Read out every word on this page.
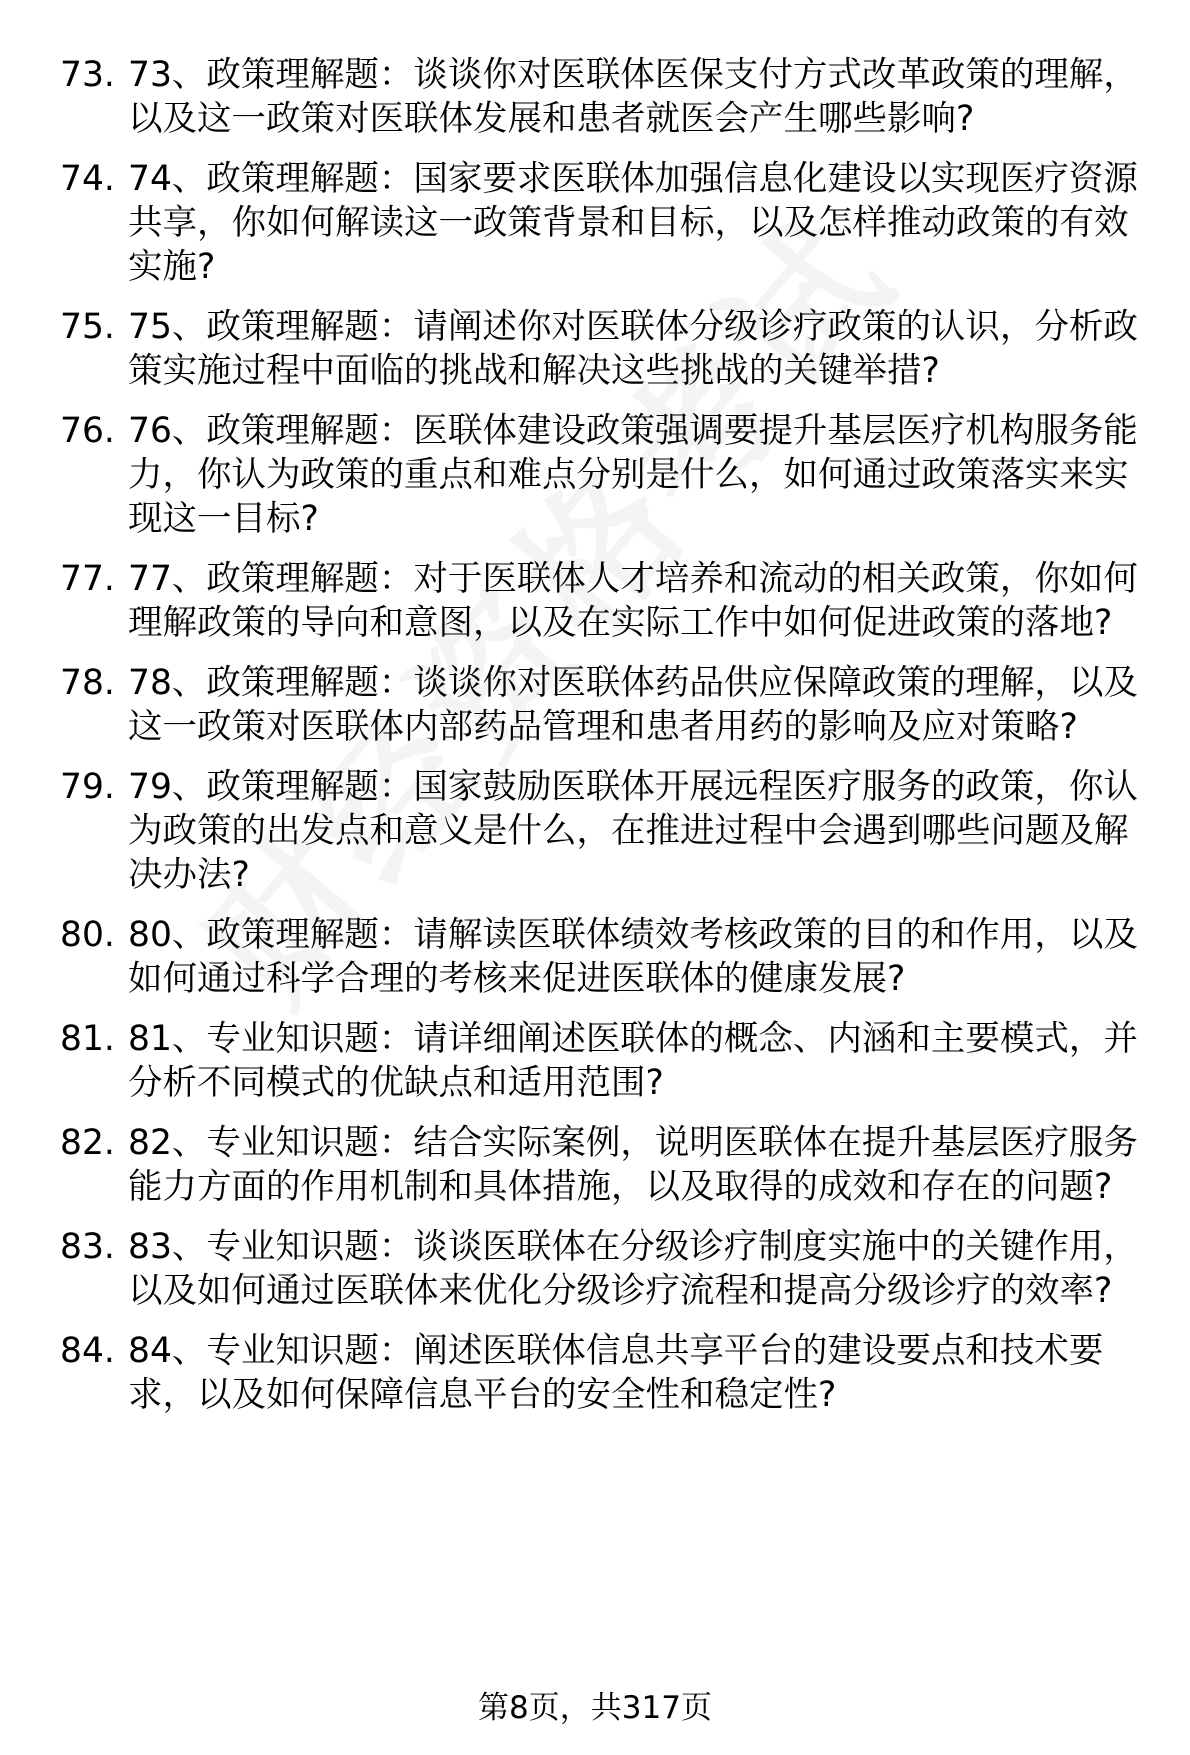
73. 73、政策理解题：谈谈你对医联体医保支付方式改革政策的理解，以及这一政策对医联体发展和患者就医会产生哪些影响?
74. 74、政策理解题：国家要求医联体加强信息化建设以实现医疗资源共享，你如何解读这一政策背景和目标，以及怎样推动政策的有效实施?
75. 75、政策理解题：请阐述你对医联体分级诊疗政策的认识，分析政策实施过程中面临的挑战和解决这些挑战的关键举措?
76. 76、政策理解题：医联体建设政策强调要提升基层医疗机构服务能力，你认为政策的重点和难点分别是什么，如何通过政策落实来实现这一目标?
77. 77、政策理解题：对于医联体人才培养和流动的相关政策，你如何理解政策的导向和意图，以及在实际工作中如何促进政策的落地?
78. 78、政策理解题：谈谈你对医联体药品供应保障政策的理解，以及这一政策对医联体内部药品管理和患者用药的影响及应对策略?
79. 79、政策理解题：国家鼓励医联体开展远程医疗服务的政策，你认为政策的出发点和意义是什么，在推进过程中会遇到哪些问题及解决办法?
80. 80、政策理解题：请解读医联体绩效考核政策的目的和作用，以及如何通过科学合理的考核来促进医联体的健康发展?
81. 81、专业知识题：请详细阐述医联体的概念、内涵和主要模式，并分析不同模式的优缺点和适用范围?
82. 82、专业知识题：结合实际案例，说明医联体在提升基层医疗服务能力方面的作用机制和具体措施，以及取得的成效和存在的问题?
83. 83、专业知识题：谈谈医联体在分级诊疗制度实施中的关键作用，以及如何通过医联体来优化分级诊疗流程和提高分级诊疗的效率?
84. 84、专业知识题：阐述医联体信息共享平台的建设要点和技术要求，以及如何保障信息平台的安全性和稳定性?
第8页，共317页
